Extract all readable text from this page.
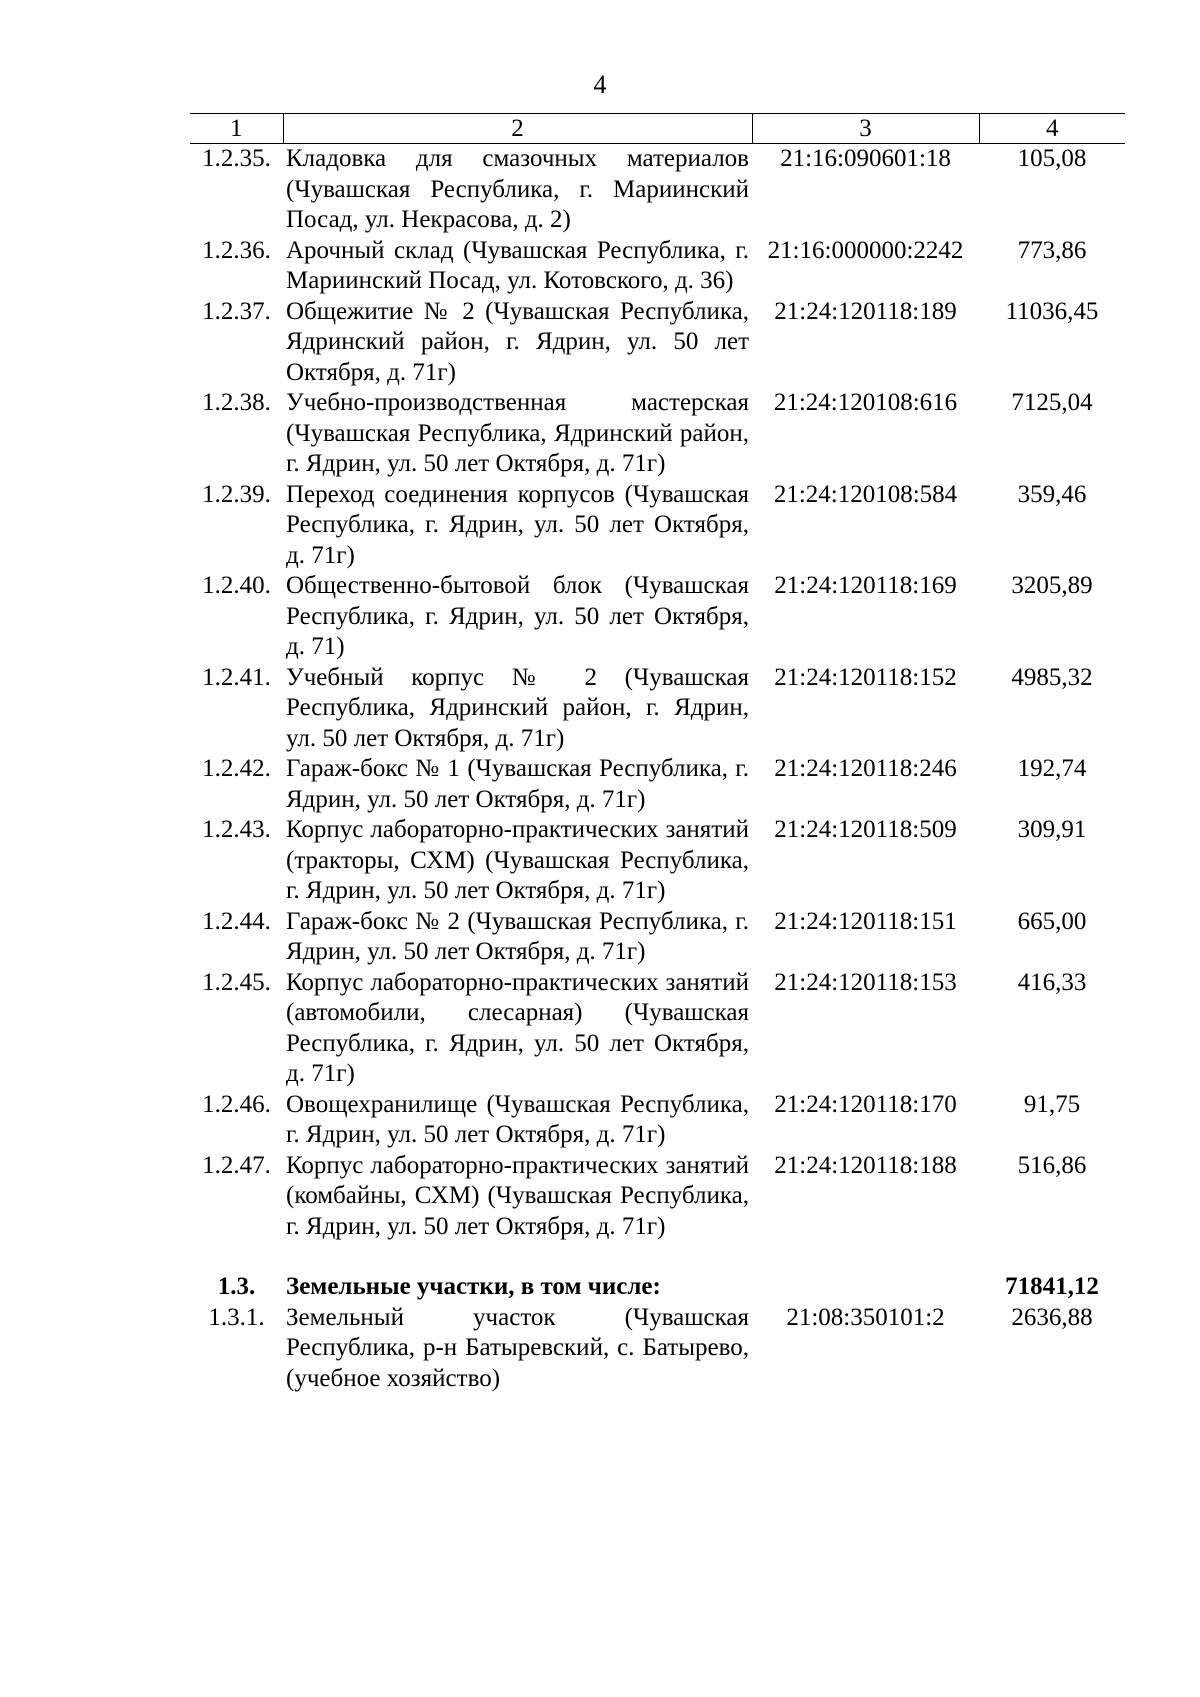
4
1	2	3	4
1.2.35.	Кладовка для смазочных материалов (Чувашская Республика, г. Мариинский Посад, ул. Некрасова, д. 2)	21:16:090601:18	105,08
1.2.36.	Арочный склад (Чувашская Республика, г. Мариинский Посад, ул. Котовского, д. 36)	21:16:000000:2242	773,86
1.2.37.	Общежитие № 2 (Чувашская Республика, Ядринский район, г. Ядрин, ул. 50 лет Октября, д. 71г)	21:24:120118:189	11036,45
1.2.38.	Учебно-производственная мастерская (Чувашская Республика, Ядринский район, г. Ядрин, ул. 50 лет Октября, д. 71г)	21:24:120108:616	7125,04
1.2.39.	Переход соединения корпусов (Чувашская Республика, г. Ядрин, ул. 50 лет Октября, д. 71г)	21:24:120108:584	359,46
1.2.40.	Общественно-бытовой блок (Чувашская Республика, г. Ядрин, ул. 50 лет Октября, д. 71)	21:24:120118:169	3205,89
1.2.41.	Учебный корпус № 2 (Чувашская Республика, Ядринский район, г. Ядрин, ул. 50 лет Октября, д. 71г)	21:24:120118:152	4985,32
1.2.42.	Гараж-бокс № 1 (Чувашская Республика, г. Ядрин, ул. 50 лет Октября, д. 71г)	21:24:120118:246	192,74
1.2.43.	Корпус лабораторно-практических занятий (тракторы, СХМ) (Чувашская Республика, г. Ядрин, ул. 50 лет Октября, д. 71г)	21:24:120118:509	309,91
1.2.44.	Гараж-бокс № 2 (Чувашская Республика, г. Ядрин, ул. 50 лет Октября, д. 71г)	21:24:120118:151	665,00
1.2.45.	Корпус лабораторно-практических занятий (автомобили, слесарная) (Чувашская Республика, г. Ядрин, ул. 50 лет Октября, д. 71г)	21:24:120118:153	416,33
1.2.46.	Овощехранилище (Чувашская Республика, г. Ядрин, ул. 50 лет Октября, д. 71г)	21:24:120118:170	91,75
1.2.47.	Корпус лабораторно-практических занятий (комбайны, СХМ) (Чувашская Республика, г. Ядрин, ул. 50 лет Октября, д. 71г)	21:24:120118:188	516,86

1.3.	Земельные участки, в том числе:		71841,12
1.3.1.	Земельный участок (Чувашская Республика, р-н Батыревский, с. Батырево, (учебное хозяйство)	21:08:350101:2	2636,88
